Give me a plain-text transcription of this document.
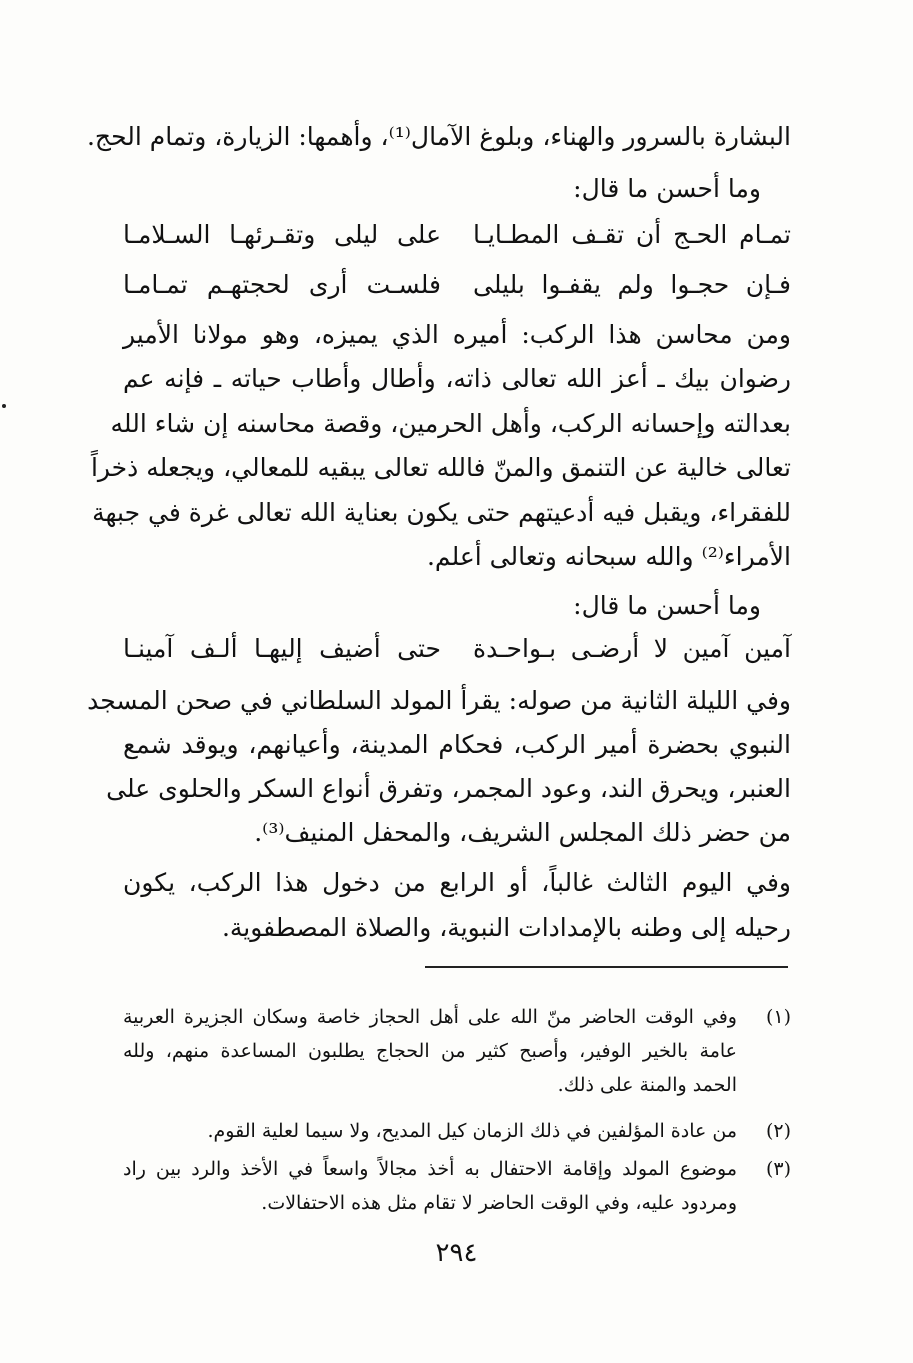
البشارة بالسرور والهناء، وبلوغ الآمال⁽¹⁾، وأهمها: الزيارة، وتمام الحج.
وما أحسن ما قال:
تمـام الحـج أن تقـف المطـايـا
على ليلى وتقـرئهـا السـلامـا
فـإن حجـوا ولم يقفـوا بليلى
فلسـت أرى لحجتهـم تمـامـا
ومن محاسن هذا الركب: أميره الذي يميزه، وهو مولانا الأمير
رضوان بيك ـ أعز الله تعالى ذاته، وأطال وأطاب حياته ـ فإنه عم
بعدالته وإحسانه الركب، وأهل الحرمين، وقصة محاسنه إن شاء الله
تعالى خالية عن التنمق والمنّ فالله تعالى يبقيه للمعالي، ويجعله ذخراً
للفقراء، ويقبل فيه أدعيتهم حتى يكون بعناية الله تعالى غرة في جبهة
الأمراء⁽²⁾ والله سبحانه وتعالى أعلم.
وما أحسن ما قال:
آمين آمين لا أرضـى بـواحـدة
حتى أضيف إليهـا ألـف آمينـا
وفي الليلة الثانية من صوله: يقرأ المولد السلطاني في صحن المسجد
النبوي بحضرة أمير الركب، فحكام المدينة، وأعيانهم، ويوقد شمع
العنبر، ويحرق الند، وعود المجمر، وتفرق أنواع السكر والحلوى على
من حضر ذلك المجلس الشريف، والمحفل المنيف⁽³⁾.
وفي اليوم الثالث غالباً، أو الرابع من دخول هذا الركب، يكون
رحيله إلى وطنه بالإمدادات النبوية، والصلاة المصطفوية.
(١)
وفي الوقت الحاضر منّ الله على أهل الحجاز خاصة وسكان الجزيرة العربية
عامة بالخير الوفير، وأصبح كثير من الحجاج يطلبون المساعدة منهم، ولله
الحمد والمنة على ذلك.
(٢)
من عادة المؤلفين في ذلك الزمان كيل المديح، ولا سيما لعلية القوم.
(٣)
موضوع المولد وإقامة الاحتفال به أخذ مجالاً واسعاً في الأخذ والرد بين راد
ومردود عليه، وفي الوقت الحاضر لا تقام مثل هذه الاحتفالات.
٢٩٤
